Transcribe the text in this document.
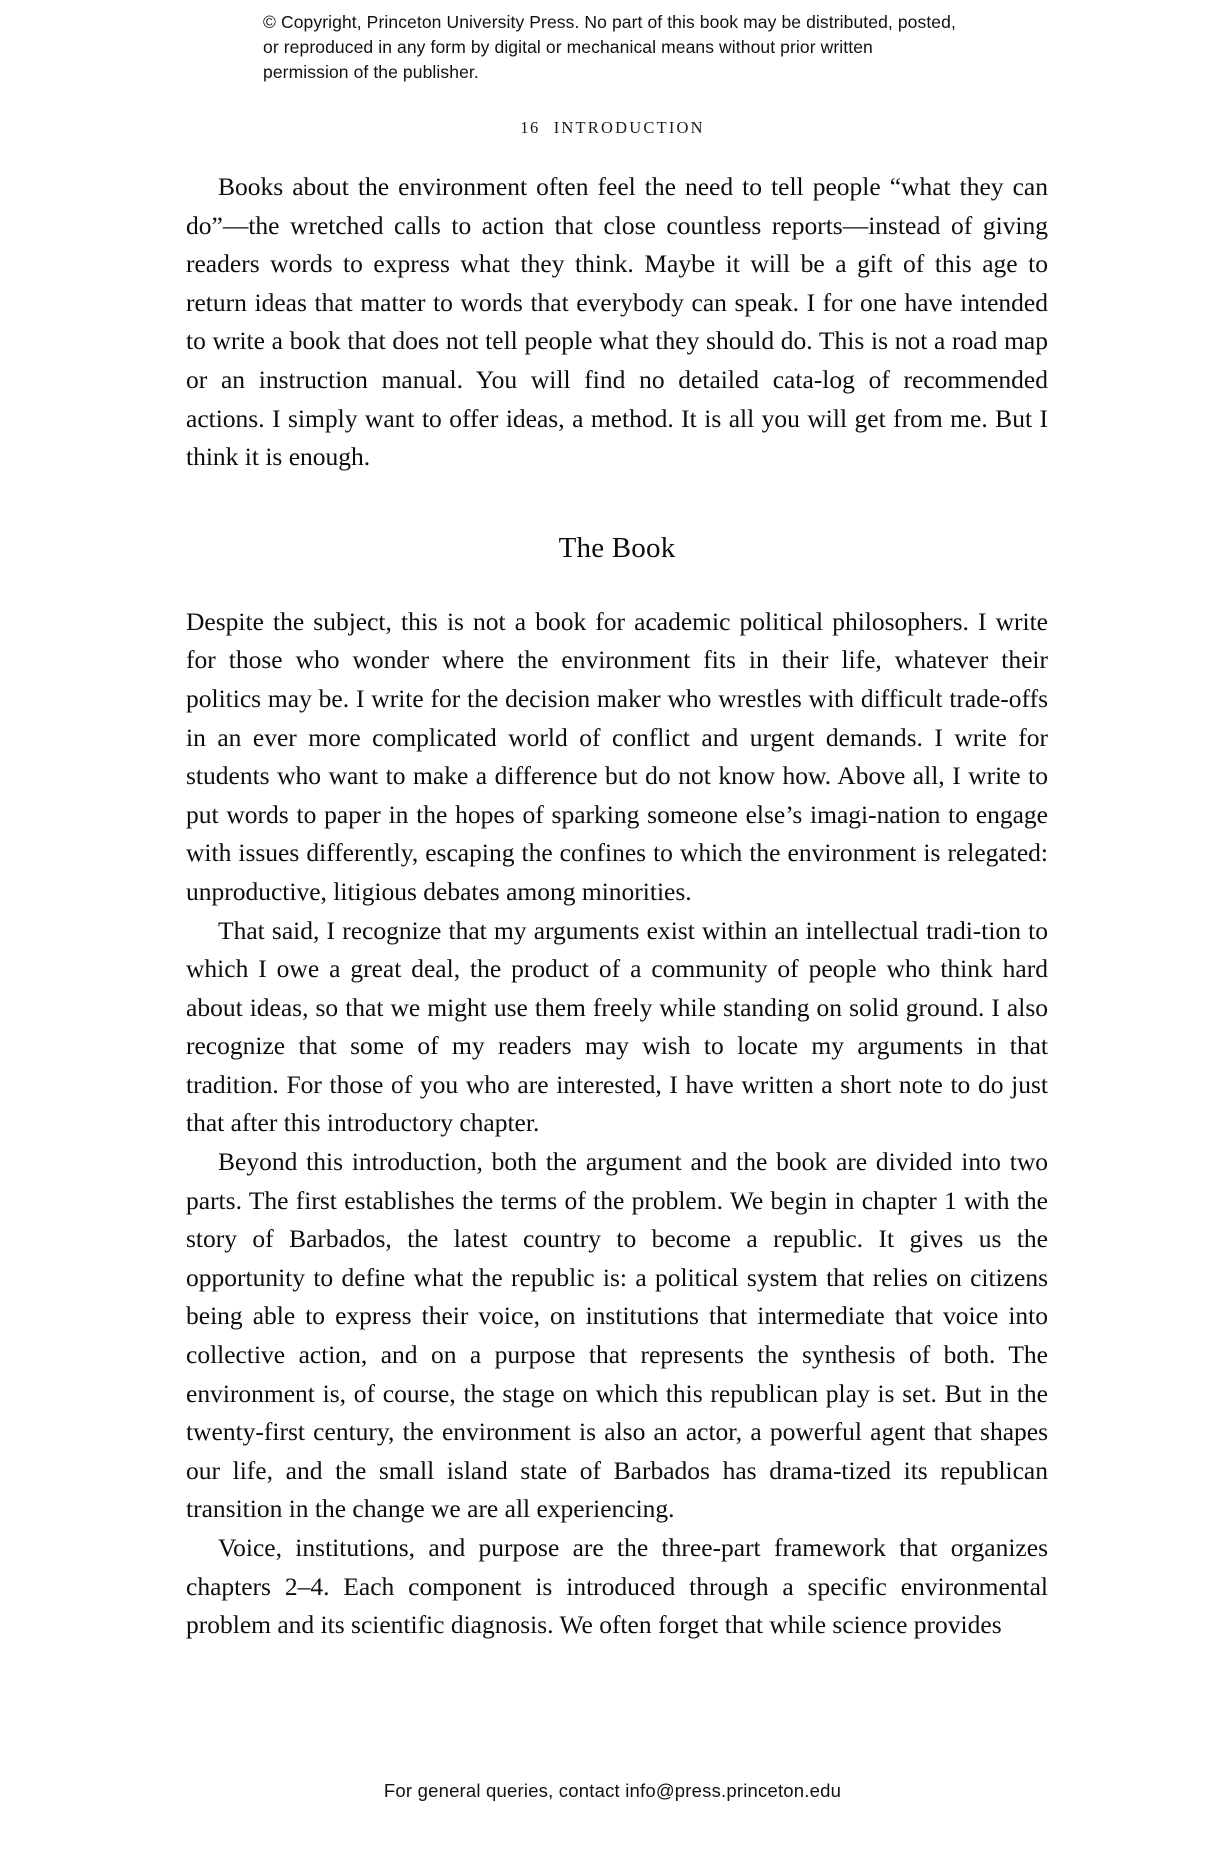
© Copyright, Princeton University Press. No part of this book may be distributed, posted, or reproduced in any form by digital or mechanical means without prior written permission of the publisher.
16 INTRODUCTION

Books about the environment often feel the need to tell people “what they can do”—the wretched calls to action that close countless reports—instead of giving readers words to express what they think. Maybe it will be a gift of this age to return ideas that matter to words that everybody can speak. I for one have intended to write a book that does not tell people what they should do. This is not a road map or an instruction manual. You will find no detailed cata-log of recommended actions. I simply want to offer ideas, a method. It is all you will get from me. But I think it is enough.

The Book

Despite the subject, this is not a book for academic political philosophers. I write for those who wonder where the environment fits in their life, whatever their politics may be. I write for the decision maker who wrestles with difficult trade-offs in an ever more complicated world of conflict and urgent demands. I write for students who want to make a difference but do not know how. Above all, I write to put words to paper in the hopes of sparking someone else’s imagi-nation to engage with issues differently, escaping the confines to which the environment is relegated: unproductive, litigious debates among minorities.

That said, I recognize that my arguments exist within an intellectual tradi-tion to which I owe a great deal, the product of a community of people who think hard about ideas, so that we might use them freely while standing on solid ground. I also recognize that some of my readers may wish to locate my arguments in that tradition. For those of you who are interested, I have written a short note to do just that after this introductory chapter.

Beyond this introduction, both the argument and the book are divided into two parts. The first establishes the terms of the problem. We begin in chapter 1 with the story of Barbados, the latest country to become a republic. It gives us the opportunity to define what the republic is: a political system that relies on citizens being able to express their voice, on institutions that intermediate that voice into collective action, and on a purpose that represents the synthesis of both. The environment is, of course, the stage on which this republican play is set. But in the twenty-first century, the environment is also an actor, a powerful agent that shapes our life, and the small island state of Barbados has drama-tized its republican transition in the change we are all experiencing.

Voice, institutions, and purpose are the three-part framework that organizes chapters 2–4. Each component is introduced through a specific environmental problem and its scientific diagnosis. We often forget that while science provides

For general queries, contact info@press.princeton.edu
